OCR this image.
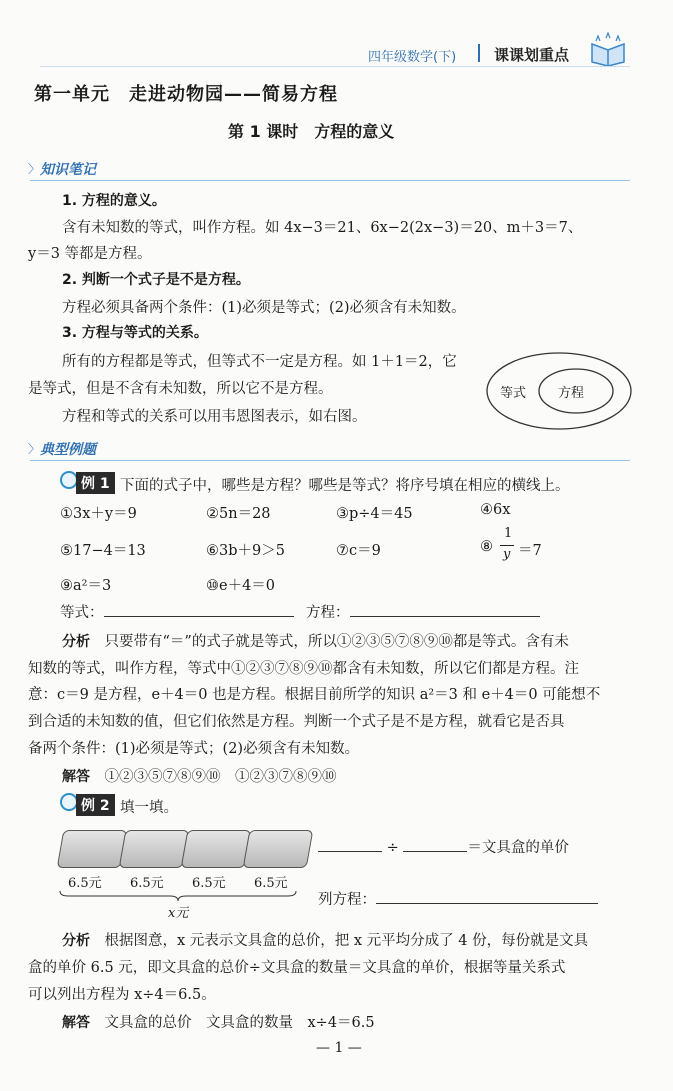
四年级数学(下)	课课划重点
第一单元　走进动物园——简易方程
第 1 课时　方程的意义
〉 知识笔记
1. 方程的意义。
含有未知数的等式，叫作方程。如 4x−3＝21、6x−2(2x−3)＝20、m＋3＝7、
y＝3 等都是方程。
2. 判断一个式子是不是方程。
方程必须具备两个条件：(1)必须是等式；(2)必须含有未知数。
3. 方程与等式的关系。
所有的方程都是等式，但等式不一定是方程。如 1＋1＝2，它
是等式，但是不含有未知数，所以它不是方程。
方程和等式的关系可以用韦恩图表示，如右图。
等式 方程
〉 典型例题
例 1 下面的式子中，哪些是方程？哪些是等式？将序号填在相应的横线上。
①3x＋y＝9	②5n＝28	③p÷4＝45	④6x
⑤17−4＝13	⑥3b＋9＞5	⑦c＝9	⑧
1
y ＝7
⑨a²＝3	⑩e＋4＝0
等式：	方程：
分析　 只要带有“＝”的式子就是等式，所以①②③⑤⑦⑧⑨⑩都是等式。含有未
知数的等式，叫作方程，等式中①②③⑦⑧⑨⑩都含有未知数，所以它们都是方程。注
意：c＝9 是方程，e＋4＝0 也是方程。根据目前所学的知识 a²＝3 和 e＋4＝0 可能想不
到合适的未知数的值，但它们依然是方程。判断一个式子是不是方程，就看它是否具
备两个条件：(1)必须是等式；(2)必须含有未知数。
解答　 ①②③⑤⑦⑧⑨⑩　①②③⑦⑧⑨⑩
例 2 填一填。
6.5元 6.5元 6.5元 6.5元
x元
÷	＝文具盒的单价
列方程：
分析　 根据图意，x 元表示文具盒的总价，把 x 元平均分成了 4 份，每份就是文具
盒的单价 6.5 元，即文具盒的总价÷文具盒的数量＝文具盒的单价，根据等量关系式
可以列出方程为 x÷4＝6.5。
解答　 文具盒的总价　文具盒的数量　x÷4＝6.5
— 1 —
